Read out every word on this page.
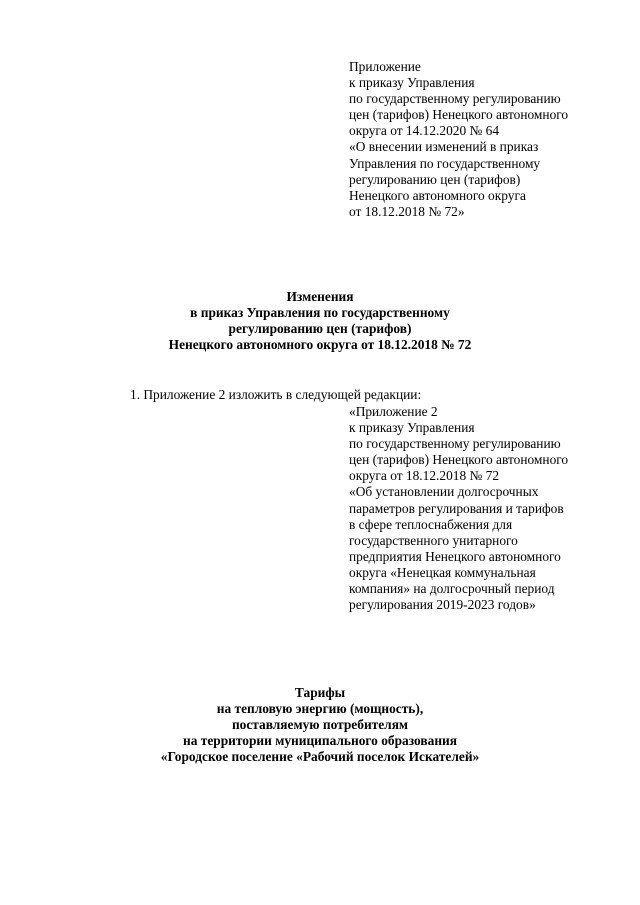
Приложение
к приказу Управления
по государственному регулированию
цен (тарифов) Ненецкого автономного
округа от 14.12.2020 № 64
«О внесении изменений в приказ
Управления по государственному
регулированию цен (тарифов)
Ненецкого автономного округа
от 18.12.2018 № 72»
Изменения
в приказ Управления по государственному
регулированию цен (тарифов)
Ненецкого автономного округа от 18.12.2018 № 72
1. Приложение 2 изложить в следующей редакции:
«Приложение 2
к приказу Управления
по государственному регулированию
цен (тарифов) Ненецкого автономного
округа от 18.12.2018 № 72
«Об установлении долгосрочных
параметров регулирования и тарифов
в сфере теплоснабжения для
государственного унитарного
предприятия Ненецкого автономного
округа «Ненецкая коммунальная
компания» на долгосрочный период
регулирования 2019-2023 годов»
Тарифы
на тепловую энергию (мощность),
поставляемую потребителям
на территории муниципального образования
«Городское поселение «Рабочий поселок Искателей»
